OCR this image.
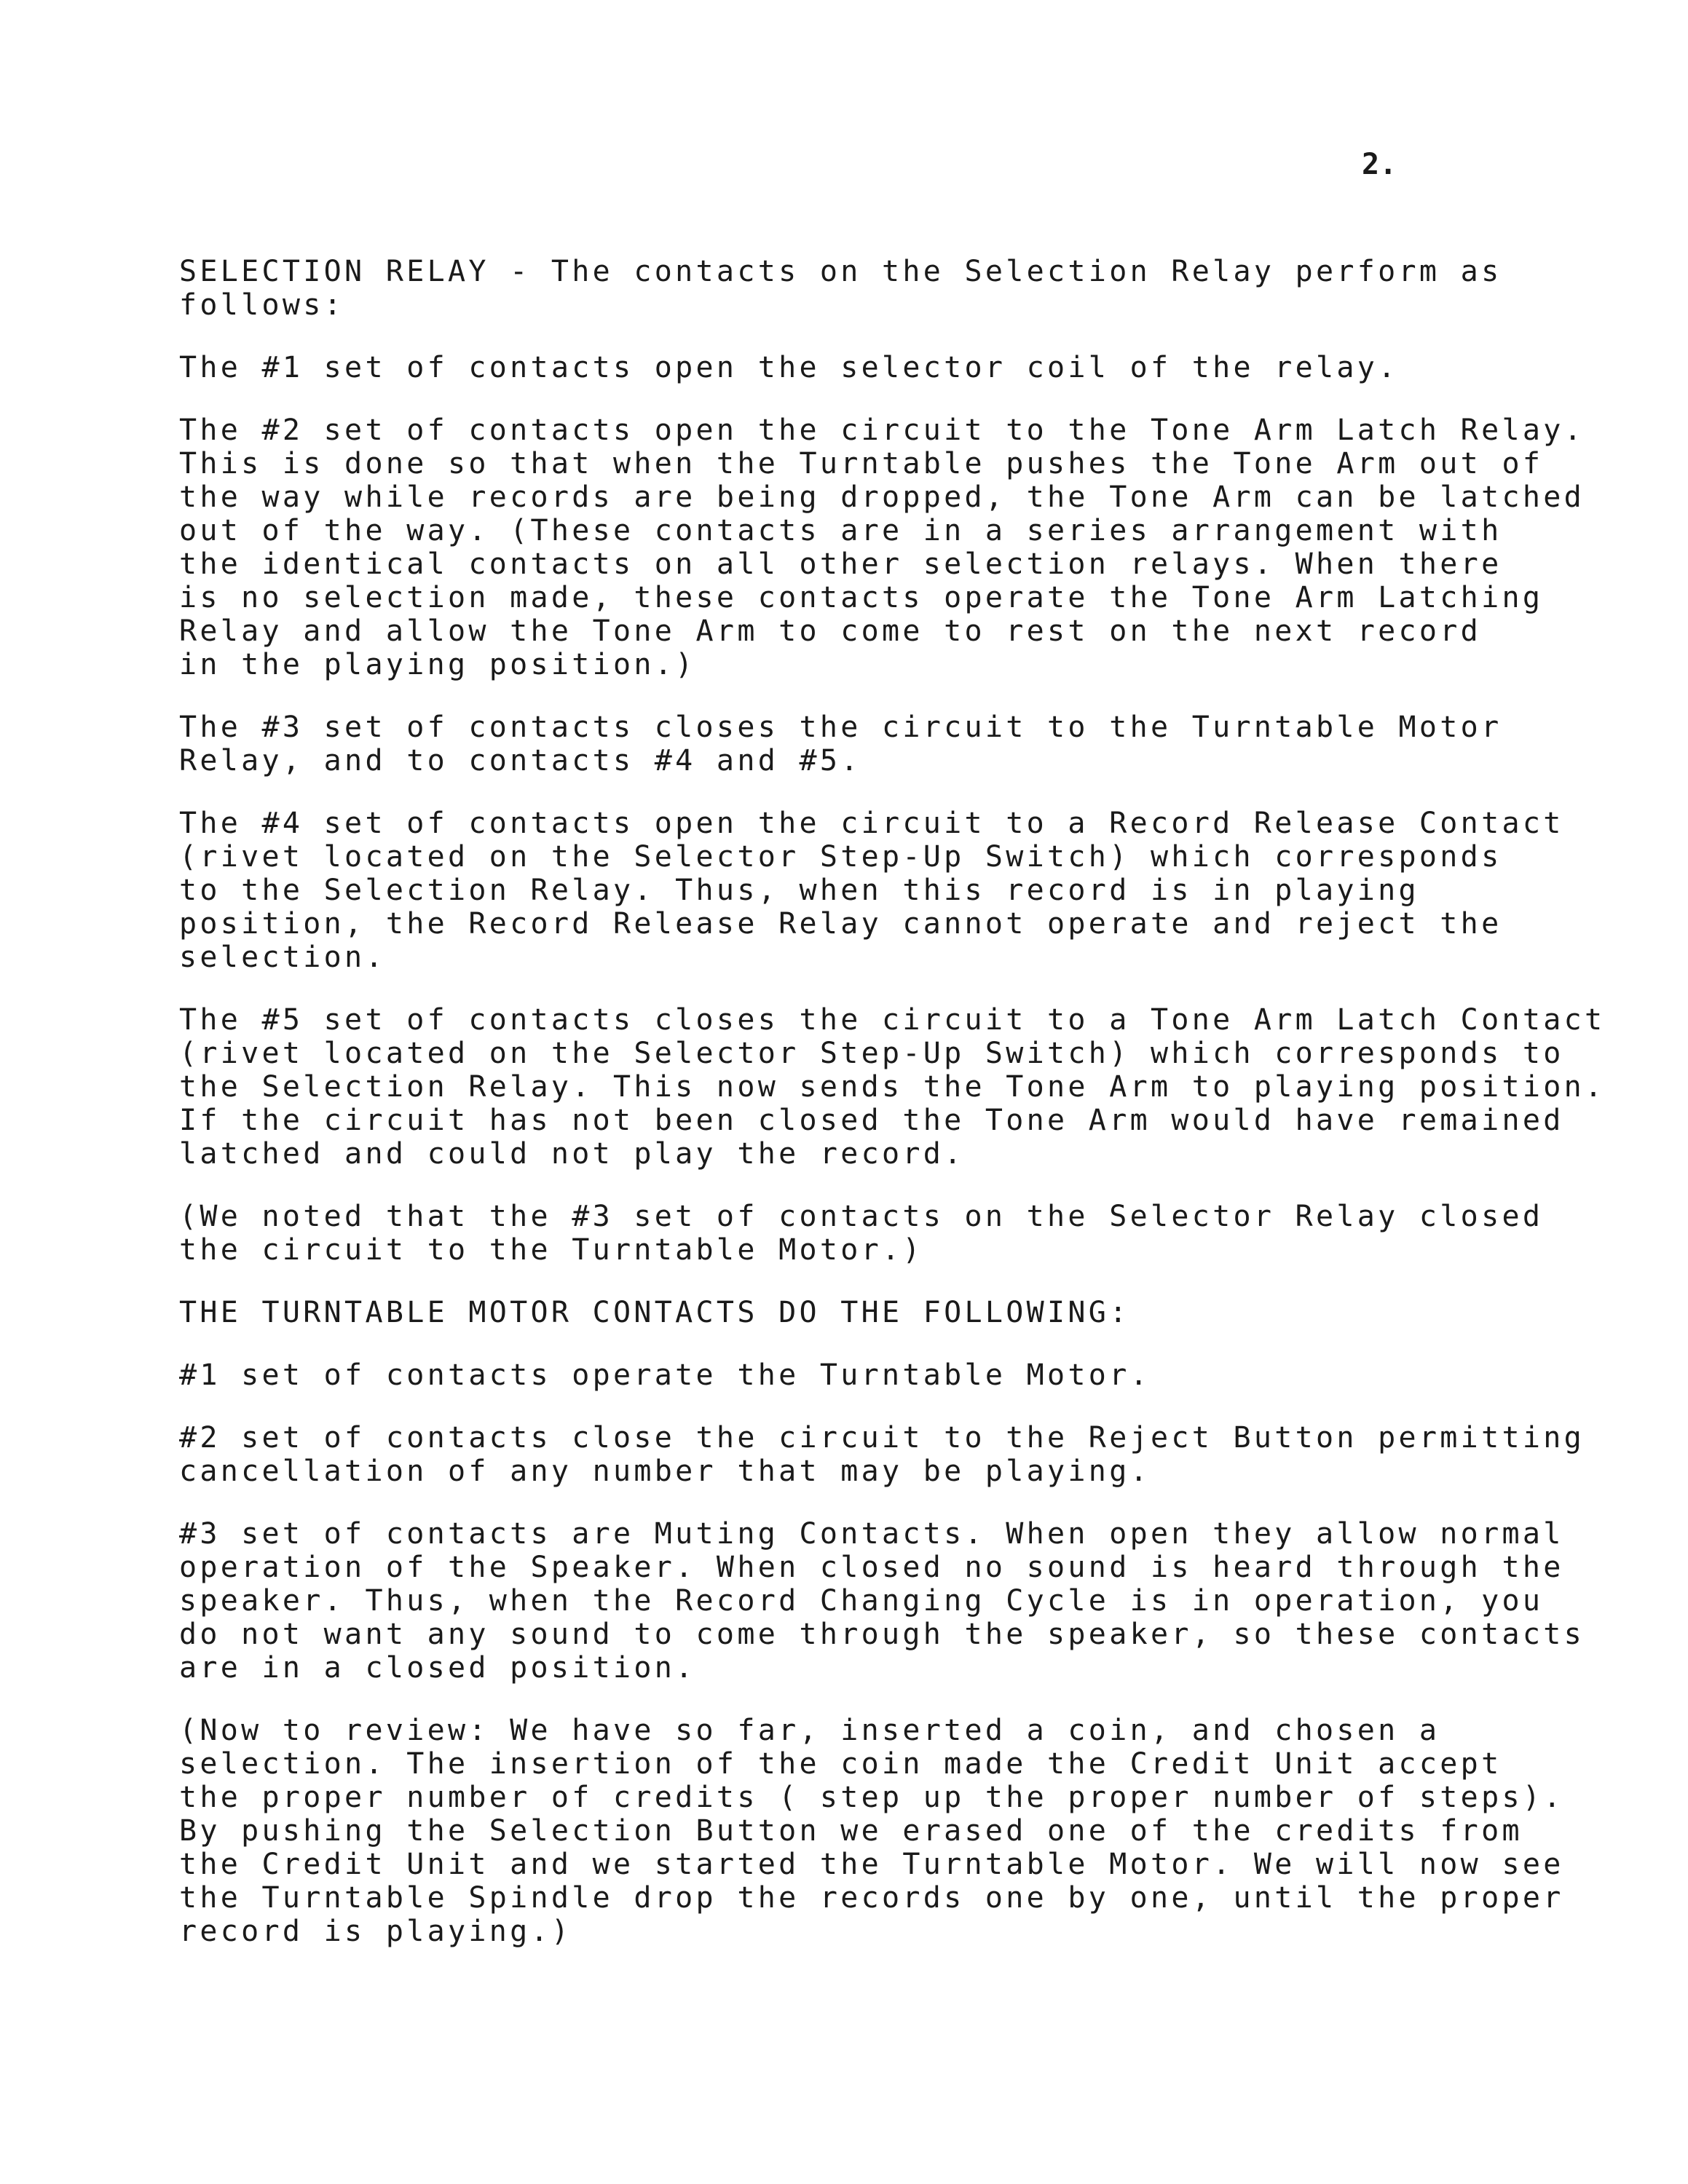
2.

SELECTION RELAY - The contacts on the Selection Relay perform as
follows:

The #1 set of contacts open the selector coil of the relay.

The #2 set of contacts open the circuit to the Tone Arm Latch Relay.
This is done so that when the Turntable pushes the Tone Arm out of
the way while records are being dropped, the Tone Arm can be latched
out of the way. (These contacts are in a series arrangement with
the identical contacts on all other selection relays. When there
is no selection made, these contacts operate the Tone Arm Latching
Relay and allow the Tone Arm to come to rest on the next record
in the playing position.)

The #3 set of contacts closes the circuit to the Turntable Motor
Relay, and to contacts #4 and #5.

The #4 set of contacts open the circuit to a Record Release Contact
(rivet located on the Selector Step-Up Switch) which corresponds
to the Selection Relay. Thus, when this record is in playing
position, the Record Release Relay cannot operate and reject the
selection.

The #5 set of contacts closes the circuit to a Tone Arm Latch Contact
(rivet located on the Selector Step-Up Switch) which corresponds to
the Selection Relay. This now sends the Tone Arm to playing position.
If the circuit has not been closed the Tone Arm would have remained
latched and could not play the record.

(We noted that the #3 set of contacts on the Selector Relay closed
the circuit to the Turntable Motor.)

THE TURNTABLE MOTOR CONTACTS DO THE FOLLOWING:

#1 set of contacts operate the Turntable Motor.

#2 set of contacts close the circuit to the Reject Button permitting
cancellation of any number that may be playing.

#3 set of contacts are Muting Contacts. When open they allow normal
operation of the Speaker. When closed no sound is heard through the
speaker. Thus, when the Record Changing Cycle is in operation, you
do not want any sound to come through the speaker, so these contacts
are in a closed position.

(Now to review: We have so far, inserted a coin, and chosen a
selection. The insertion of the coin made the Credit Unit accept
the proper number of credits ( step up the proper number of steps).
By pushing the Selection Button we erased one of the credits from
the Credit Unit and we started the Turntable Motor. We will now see
the Turntable Spindle drop the records one by one, until the proper
record is playing.)
